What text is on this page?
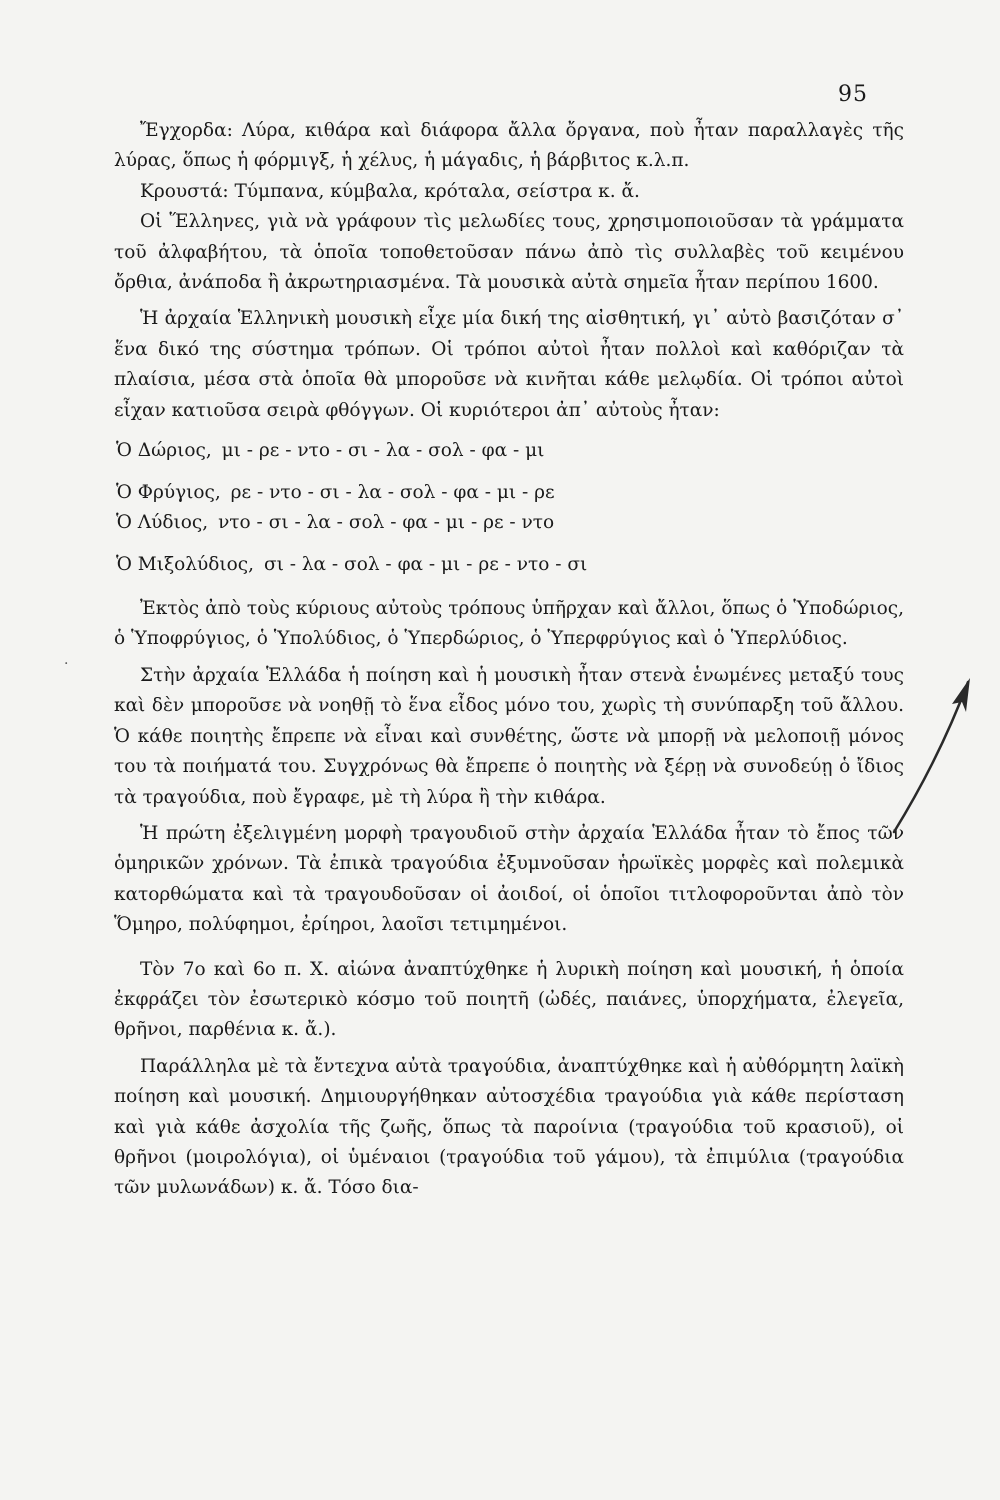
95

Ἔγχορδα: Λύρα, κιθάρα καὶ διάφορα ἄλλα ὄργανα, ποὺ ἦταν παραλλαγὲς τῆς λύρας, ὅπως ἡ φόρμιγξ, ἡ χέλυς, ἡ μάγαδις, ἡ βάρβιτος κ.λ.π.

Κρουστά: Τύμπανα, κύμβαλα, κρόταλα, σείστρα κ. ἄ.

Οἱ Ἕλληνες, γιὰ νὰ γράφουν τὶς μελωδίες τους, χρησιμοποιοῦσαν τὰ γράμματα τοῦ ἀλφαβήτου, τὰ ὁποῖα τοποθετοῦσαν πάνω ἀπὸ τὶς συλλαβὲς τοῦ κειμένου ὄρθια, ἀνάποδα ἢ ἀκρωτηριασμένα. Τὰ μουσικὰ αὐτὰ σημεῖα ἦταν περίπου 1600.

Ἡ ἀρχαία Ἑλληνικὴ μουσικὴ εἶχε μία δική της αἰσθητική, γι᾿ αὐτὸ βασιζόταν σ᾿ ἕνα δικό της σύστημα τρόπων. Οἱ τρόποι αὐτοὶ ἦταν πολλοὶ καὶ καθόριζαν τὰ πλαίσια, μέσα στὰ ὁποῖα θὰ μποροῦσε νὰ κινῆται κάθε μελῳδία. Οἱ τρόποι αὐτοὶ εἶχαν κατιοῦσα σειρὰ φθόγγων. Οἱ κυριότεροι ἀπ᾿ αὐτοὺς ἦταν:

Ὁ Δώριος, μι - ρε - ντο - σι - λα - σολ - φα - μι
Ὁ Φρύγιος, ρε - ντο - σι - λα - σολ - φα - μι - ρε
Ὁ Λύδιος, ντο - σι - λα - σολ - φα - μι - ρε - ντο
Ὁ Μιξολύδιος, σι - λα - σολ - φα - μι - ρε - ντο - σι

Ἐκτὸς ἀπὸ τοὺς κύριους αὐτοὺς τρόπους ὑπῆρχαν καὶ ἄλλοι, ὅπως ὁ Ὑποδώριος, ὁ Ὑποφρύγιος, ὁ Ὑπολύδιος, ὁ Ὑπερδώριος, ὁ Ὑπερφρύγιος καὶ ὁ Ὑπερλύδιος.

Στὴν ἀρχαία Ἑλλάδα ἡ ποίηση καὶ ἡ μουσικὴ ἦταν στενὰ ἑνωμένες μεταξύ τους καὶ δὲν μποροῦσε νὰ νοηθῇ τὸ ἕνα εἶδος μόνο του, χωρὶς τὴ συνύπαρξη τοῦ ἄλλου. Ὁ κάθε ποιητὴς ἔπρεπε νὰ εἶναι καὶ συνθέτης, ὥστε νὰ μπορῇ νὰ μελοποιῇ μόνος του τὰ ποιήματά του. Συγχρόνως θὰ ἔπρεπε ὁ ποιητὴς νὰ ξέρῃ νὰ συνοδεύῃ ὁ ἴδιος τὰ τραγούδια, ποὺ ἔγραφε, μὲ τὴ λύρα ἢ τὴν κιθάρα.

Ἡ πρώτη ἐξελιγμένη μορφὴ τραγουδιοῦ στὴν ἀρχαία Ἑλλάδα ἦταν τὸ ἔπος τῶν ὁμηρικῶν χρόνων. Τὰ ἐπικὰ τραγούδια ἐξυμνοῦσαν ἡρωϊκὲς μορφὲς καὶ πολεμικὰ κατορθώματα καὶ τὰ τραγουδοῦσαν οἱ ἀοιδοί, οἱ ὁποῖοι τιτλοφοροῦνται ἀπὸ τὸν Ὅμηρο, πολύφημοι, ἐρίηροι, λαοῖσι τετιμημένοι.

Τὸν 7ο καὶ 6ο π. Χ. αἰώνα ἀναπτύχθηκε ἡ λυρικὴ ποίηση καὶ μουσική, ἡ ὁποία ἐκφράζει τὸν ἐσωτερικὸ κόσμο τοῦ ποιητῆ (ὠδές, παιάνες, ὑπορχήματα, ἐλεγεῖα, θρῆνοι, παρθένια κ. ἄ.).

Παράλληλα μὲ τὰ ἔντεχνα αὐτὰ τραγούδια, ἀναπτύχθηκε καὶ ἡ αὐθόρμητη λαϊκὴ ποίηση καὶ μουσική. Δημιουργήθηκαν αὐτοσχέδια τραγούδια γιὰ κάθε περίσταση καὶ γιὰ κάθε ἀσχολία τῆς ζωῆς, ὅπως τὰ παροίνια (τραγούδια τοῦ κρασιοῦ), οἱ θρῆνοι (μοιρολόγια), οἱ ὑμέναιοι (τραγούδια τοῦ γάμου), τὰ ἐπιμύλια (τραγούδια τῶν μυλωνάδων) κ. ἄ. Τόσο δια-

·
